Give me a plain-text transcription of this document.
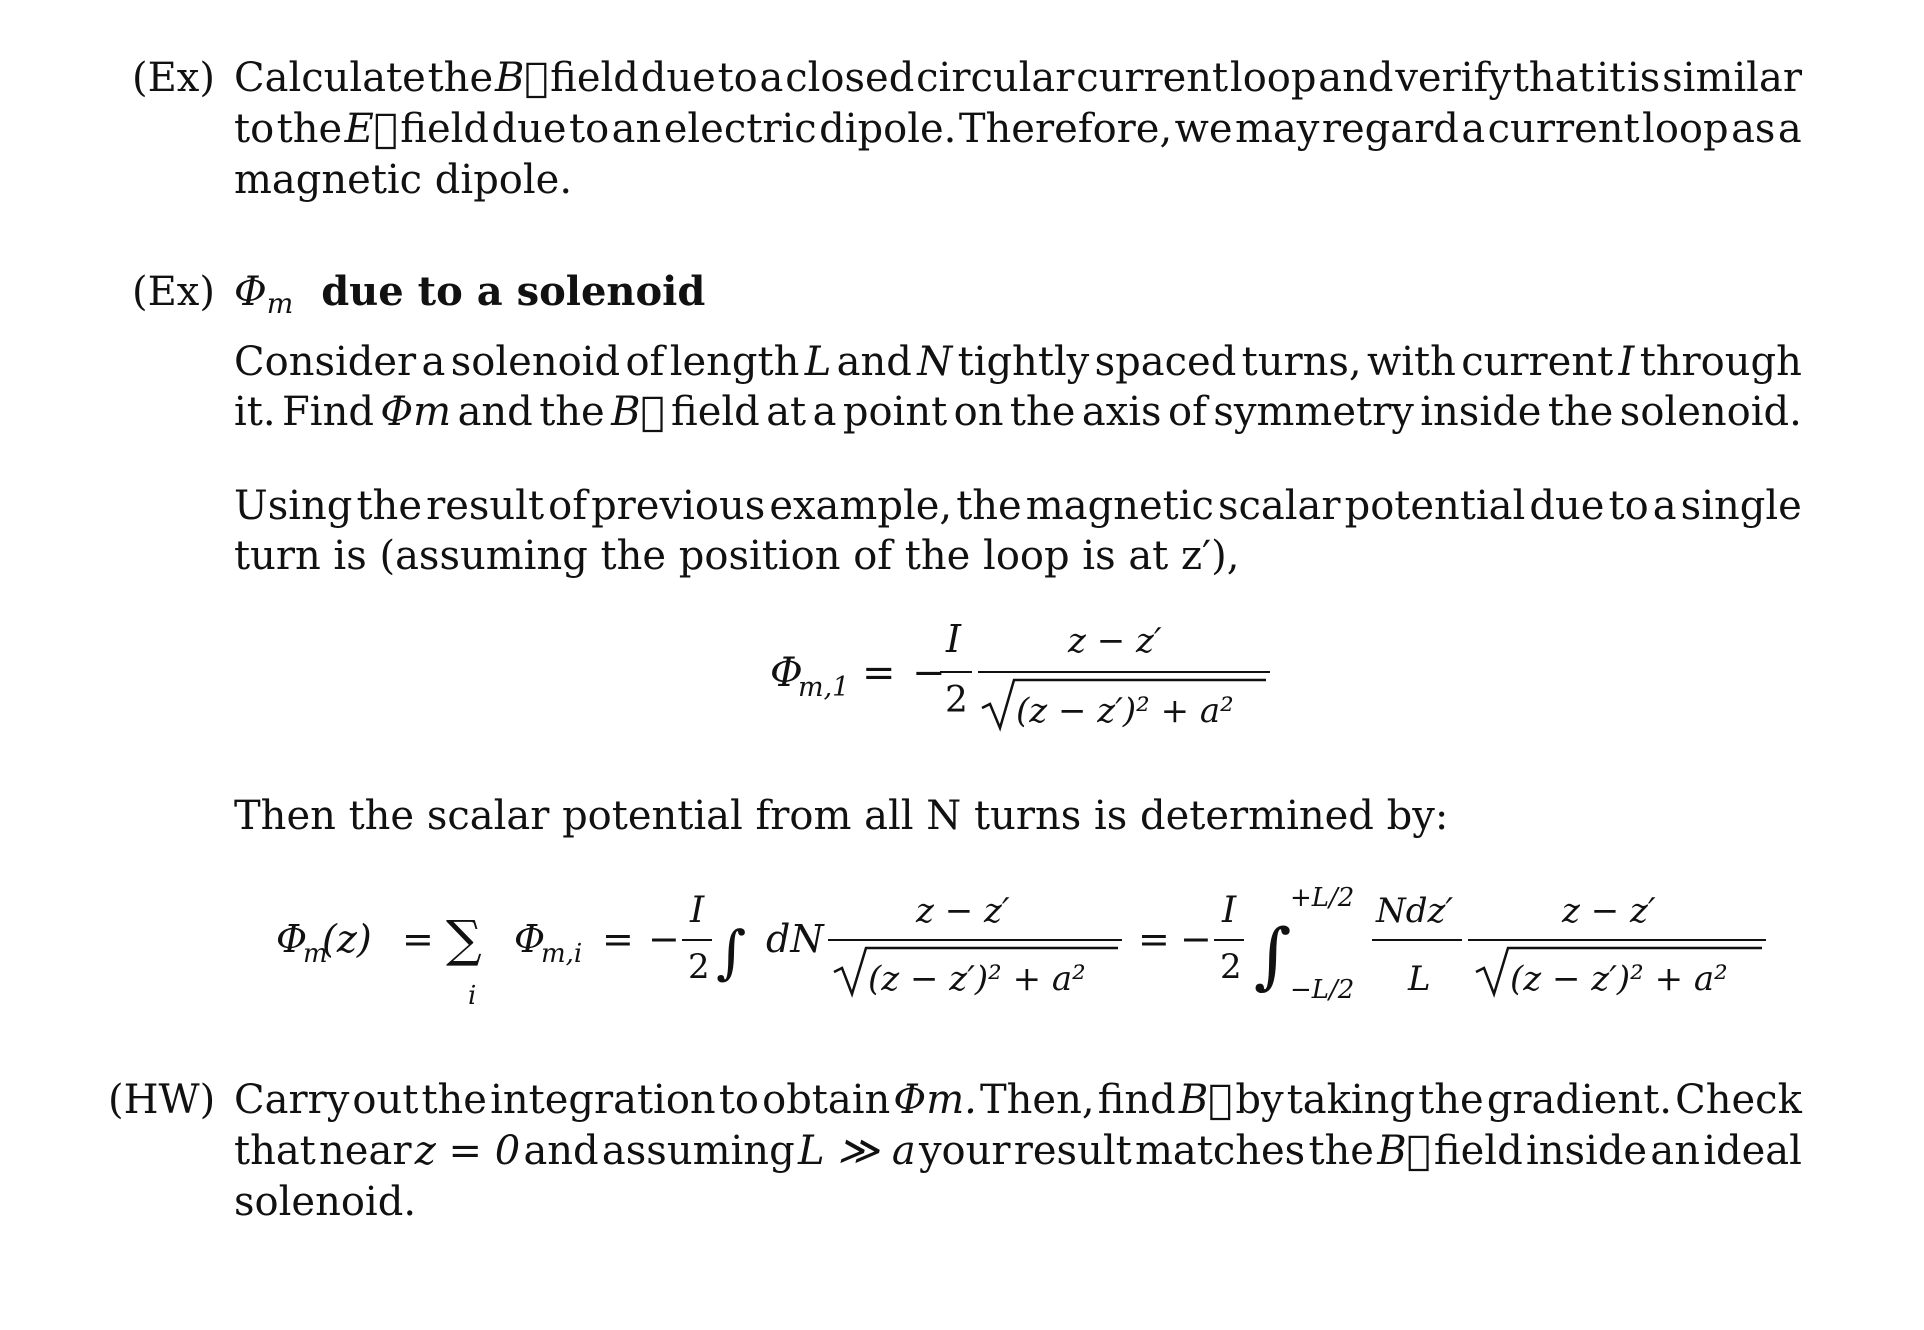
(Ex) Calculate the B⃗ field due to a closed circular current loop and verify that it is similar
to the E⃗ field due to an electric dipole. Therefore, we may regard a current loop as a
magnetic dipole.
(Ex) $\Phi_m$  due to a solenoid
Consider a solenoid of length L and N tightly spaced turns, with current I through
it. Find Φm and the B⃗ field at a point on the axis of symmetry inside the solenoid.
Using the result of previous example, the magnetic scalar potential due to a single
turn is (assuming the position of the loop is at z′),
Φ
m,1 = −
I
2
z − z′
(z − z′)² + a²
Then the scalar potential from all N turns is determined by:
Φ
m
(z) = ∑
i
Φ
m,i = −
I
2 ∫ dN
z − z′
(z − z′)² + a²
= −
I
2 ∫
+L/2
−L/2
Ndz′
L
z − z′
(z − z′)² + a²
(HW) Carry out the integration to obtain Φm. Then, find B⃗ by taking the gradient. Check
that near z = 0 and assuming L ≫ a your result matches the B⃗ field inside an ideal
solenoid.
